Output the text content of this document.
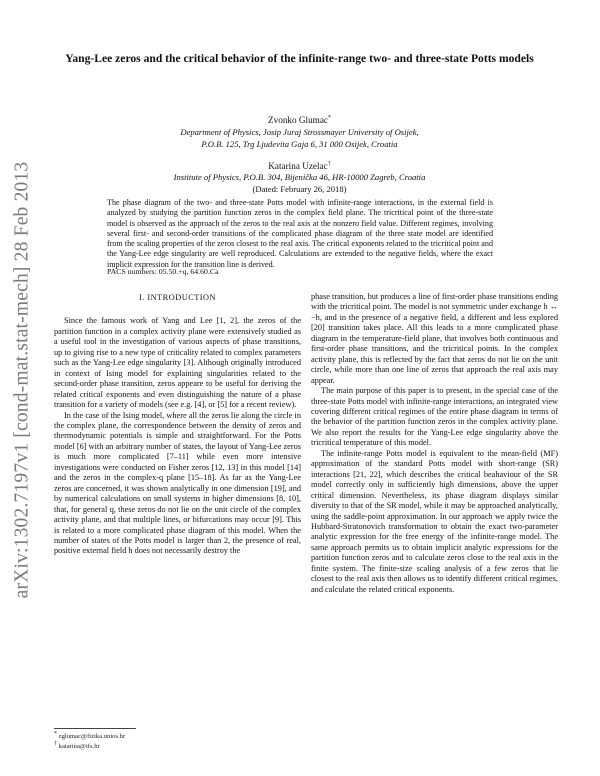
arXiv:1302.7197v1 [cond-mat.stat-mech] 28 Feb 2013
Yang-Lee zeros and the critical behavior of the infinite-range two- and three-state Potts models
Zvonko Glumac*
Department of Physics, Josip Juraj Strossmayer University of Osijek,
P.O.B. 125, Trg Ljudevita Gaja 6, 31 000 Osijek, Croatia
Katarina Uzelac†
Institute of Physics, P.O.B. 304, Bijenička 46, HR-10000 Zagreb, Croatia
(Dated: February 26, 2018)
The phase diagram of the two- and three-state Potts model with infinite-range interactions, in the external field is analyzed by studying the partition function zeros in the complex field plane. The tricritical point of the three-state model is observed as the approach of the zeros to the real axis at the nonzero field value. Different regimes, involving several first- and second-order transitions of the complicated phase diagram of the three state model are identified from the scaling properties of the zeros closest to the real axis. The critical exponents related to the tricritical point and the Yang-Lee edge singularity are well reproduced. Calculations are extended to the negative fields, where the exact implicit expression for the transition line is derived.
PACS numbers: 05.50.+q, 64.60.Ca
I. INTRODUCTION

Since the famous work of Yang and Lee [1, 2], the zeros of the partition function in a complex activity plane were extensively studied as a useful tool in the investigation of various aspects of phase transitions, up to giving rise to a new type of criticality related to complex parameters such as the Yang-Lee edge singularity [3]. Although originally introduced in context of Ising model for explaining singularities related to the second-order phase transition, zeros appeare to be useful for deriving the related critical exponents and even distinguishing the nature of a phase transition for a variety of models (see e.g. [4], or [5] for a recent review).

In the case of the Ising model, where all the zeros lie along the circle in the complex plane, the correspondence between the density of zeros and thermodynamic potentials is simple and straightforward. For the Potts model [6] with an arbitrary number of states, the layout of Yang-Lee zeros is much more complicated [7–11] while even more intensive investigations were conducted on Fisher zeros [12, 13] in this model [14] and the zeros in the complex-q plane [15–18]. As far as the Yang-Lee zeros are concerned, it was shown analytically in one dimension [19], and by numerical calculations on small systems in higher dimensions [8, 10], that, for general q, these zeros do not lie on the unit circle of the complex activity plane, and that multiple lines, or bifurcations may occur [9]. This is related to a more complicated phase diagram of this model. When the number of states of the Potts model is larger than 2, the presence of real, positive external field h does not necessarily destroy the

phase transition, but produces a line of first-order phase transitions ending with the tricritical point. The model is not symmetric under exchange h ↔ −h, and in the presence of a negative field, a different and less explored [20] transition takes place. All this leads to a more complicated phase diagram in the temperature-field plane, that involves both continuous and first-order phase transitions, and the tricritical points. In the complex activity plane, this is reflected by the fact that zeros do not lie on the unit circle, while more than one line of zeros that approach the real axis may appear.

The main purpose of this paper is to present, in the special case of the three-state Potts model with infinite-range interactions, an integrated view covering different critical regimes of the entire phase diagram in terms of the behavior of the partition function zeros in the complex activity plane. We also report the results for the Yang-Lee edge singularity above the tricritical temperature of this model.

The infinite-range Potts model is equivalent to the mean-field (MF) approximation of the standard Potts model with short-range (SR) interactions [21, 22], which describes the critical beahaviour of the SR model correctly only in sufficiently high dimensions, above the upper critical dimension. Nevertheless, its phase diagram displays similar diversity to that of the SR model, while it may be approached analytically, using the saddle-point approximation. In our approach we apply twice the Hubbard-Stratonovich transformation to obtain the exact two-parameter analytic expression for the free energy of the infinite-range model. The same approach permits us to obtain implicit analytic expressions for the partition function zeros and to calculate zeros close to the real axis in the finite system. The finite-size scaling analysis of a few zeros that lie closest to the real axis then allows us to identify different critical regimes, and calculate the related critical exponents.

* zglumac@fizika.unios.hr
† katarina@ifs.hr
